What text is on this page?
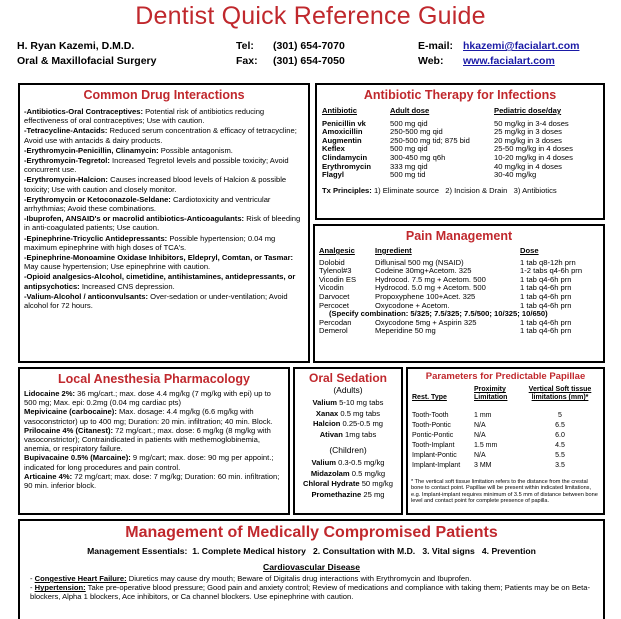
Dentist Quick Reference Guide
H. Ryan Kazemi, D.M.D.
Oral & Maxillofacial Surgery
Tel: (301) 654-7070
Fax: (301) 654-7050
E-mail: hkazemi@facialart.com
Web: www.facialart.com
Common Drug Interactions
-Antibiotics-Oral Contraceptives: Potential risk of antibiotics reducing effectiveness of oral contraceptives; Use with caution.
-Tetracycline-Antacids: Reduced serum concentration & efficacy of tetracycline; Avoid use with antacids & dairy products.
-Erythromycin-Penicillin, Clinamycin: Possible antagonism.
-Erythromycin-Tegretol: Increased Tegretol levels and possible toxicity; Avoid concurrent use.
-Erythromycin-Halcion: Causes increased blood levels of Halcion & possible toxicity; Use with caution and closely monitor.
-Erythromycin or Ketoconazole-Seldane: Cardiotoxicity and ventricular arrhythmias; Avoid these combinations.
-Ibuprofen, ANSAID's or macrolid antibiotics-Anticoagulants: Risk of bleeding in anti-coagulated patients; Use caution.
-Epinephrine-Tricyclic Antidepressants: Possible hypertension; 0.04 mg maximum epinephrine with high doses of TCA's.
-Epinephrine-Monoamine Oxidase Inhibitors, Eldepryl, Comtan, or Tasmar: May cause hypertension; Use epinephrine with caution.
-Opioid analgesics-Alcohol, cimetidine, antihistamines, antidepressants, or antipsychotics: Increased CNS depression.
-Valium-Alcohol / anticonvulsants: Over-sedation or under-ventilation; Avoid alcohol for 72 hours.
Antibiotic Therapy for Infections
Antibiotic	Adult dose	Pediatric dose/day

Penicillin vk	500 mg qid	50 mg/kg in 3-4 doses
Amoxicillin	250-500 mg qid	25 mg/kg in 3 doses
Augmentin	250-500 mg tid; 875 bid	20 mg/kg in 3 doses
Keflex	500 mg qid	25-50 mg/kg in 4 doses
Clindamycin	300-450 mg q6h	10-20 mg/kg in 4 doses
Erythromycin	333 mg qid	40 mg/kg in 4 doses
Flagyl	500 mg tid	30-40 mg/kg
Tx Principles: 1) Eliminate source   2) Incision & Drain   3) Antibiotics
Pain Management
Analgesic	Ingredient	Dose

Dolobid	Diflunisal 500 mg (NSAID)	1 tab q8-12h prn
Tylenol#3	Codeine 30mg+Acetom. 325	1-2 tabs q4-6h prn
Vicodin ES	Hydrocod. 7.5 mg + Acetom. 500	1 tab q4-6h prn
Vicodin	Hydrocod. 5.0 mg + Acetom. 500	1 tab q4-6h prn
Darvocet	Propoxyphene 100+Acet. 325	1 tab q4-6h prn
Percocet	Oxycodone + Acetom.	1 tab q4-6h prn
(Specify combination: 5/325; 7.5/325; 7.5/500; 10/325; 10/650)		
Percodan	Oxycodone 5mg + Aspirin 325	1 tab q4-6h prn
Demerol	Meperidine 50 mg	1 tab q4-6h prn
Local Anesthesia Pharmacology
Lidocaine 2%: 36 mg/cart.; max. dose 4.4 mg/kg (7 mg/kg with epi) up to 500 mg; Max. epi: 0.2mg (0.04 mg cardiac pts)
Mepivicaine (carbocaine): Max. dosage: 4.4 mg/kg (6.6 mg/kg with vasoconstrictor) up to 400 mg; Duration: 20 min. infiltration; 40 min. Block.
Prilocaine 4% (Citanest): 72 mg/cart.; max. dose: 6 mg/kg (8 mg/kg with vasoconstrictor); Contraindicated in patients with methemoglobinemia, anemia, or respiratory failure.
Bupivacaine 0.5% (Marcaine): 9 mg/cart; max. dose: 90 mg per appoint.; indicated for long procedures and pain control.
Articaine 4%: 72 mg/cart; max. dose: 7 mg/kg; Duration: 60 min. infiltration; 90 min. inferior block.
Oral Sedation
(Adults)
Valium 5-10 mg tabs
Xanax 0.5 mg tabs
Halcion 0.25-0.5 mg
Ativan 1mg tabs
(Children)
Valium 0.3-0.5 mg/kg
Midazolam 0.5 mg/kg
Chloral Hydrate 50 mg/kg
Promethazine 25 mg
Parameters for Predictable Papillae
Rest. Type	Proximity Limitation	Vertical Soft tissue limitations (mm)*

Tooth-Tooth	1 mm	5
Tooth-Pontic	N/A	6.5
Pontic-Pontic	N/A	6.0
Tooth-Implant	1.5 mm	4.5
Implant-Pontic	N/A	5.5
Implant-Implant	3 MM	3.5
* The vertical soft tissue limitation refers to the distance from the crestal bone to contact point. Papillae will be present within indicated limitations, e.g. Implant-implant requires minimum of 3.5 mm of distance between bone level and contact point for complete presence of papilla.
Management of Medically Compromised Patients
Management Essentials:  1. Complete Medical history   2. Consultation with M.D.   3. Vital signs   4. Prevention
Cardiovascular Disease
- Congestive Heart Failure: Diuretics may cause dry mouth; Beware of Digitalis drug interactions with Erythromycin and Ibuprofen.
- Hypertension: Take pre-operative blood pressure; Good pain and anxiety control; Review of medications and compliance with taking them; Patients may be on Beta-blockers, Alpha 1 blockers, Ace inhibitors, or Ca channel blockers. Use epinephrine with caution.
